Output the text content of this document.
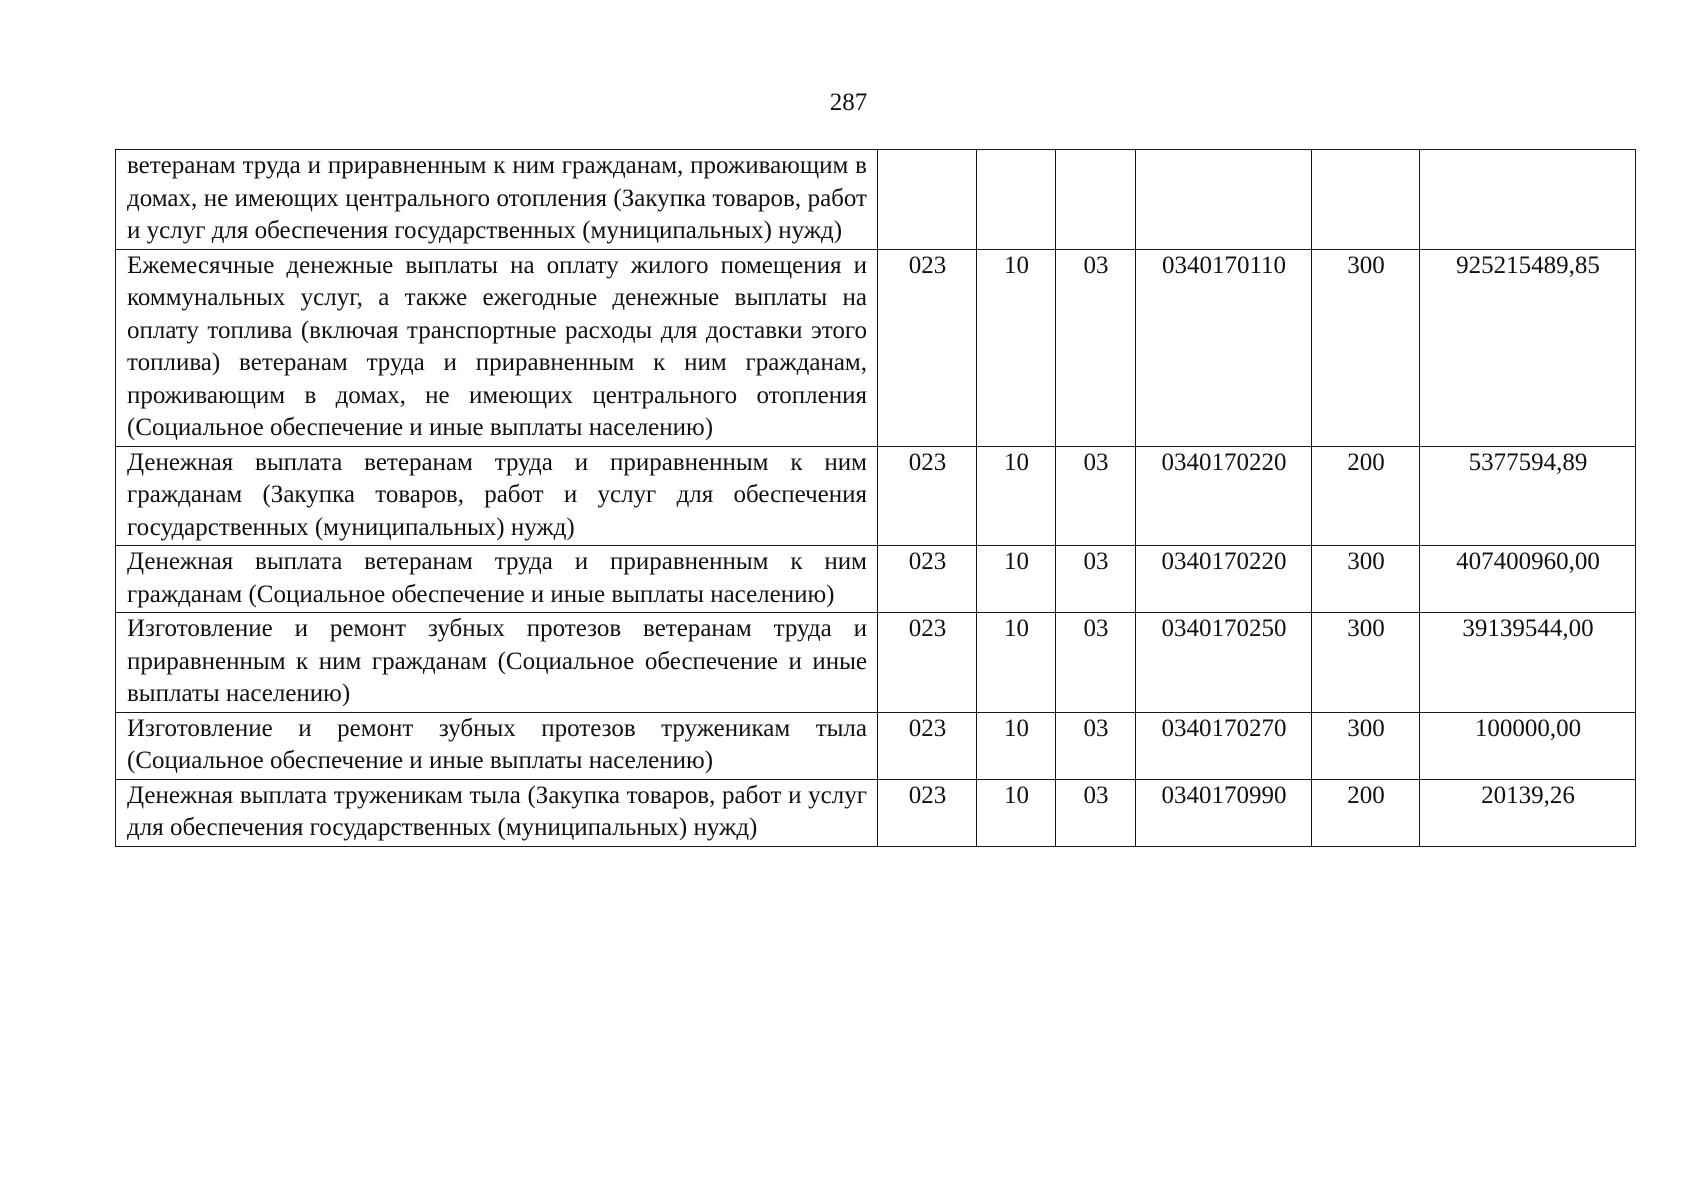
287
ветеранам труда и приравненным к ним гражданам, проживающим в домах, не имеющих центрального отопления (Закупка товаров, работ и услуг для обеспечения государственных (муниципальных) нужд)						
Ежемесячные денежные выплаты на оплату жилого помещения и коммунальных услуг, а также ежегодные денежные выплаты на оплату топлива (включая транспортные расходы для доставки этого топлива) ветеранам труда и приравненным к ним гражданам, проживающим в домах, не имеющих центрального отопления (Социальное обеспечение и иные выплаты населению)	023	10	03	0340170110	300	925215489,85
Денежная выплата ветеранам труда и приравненным к ним гражданам (Закупка товаров, работ и услуг для обеспечения государственных (муниципальных) нужд)	023	10	03	0340170220	200	5377594,89
Денежная выплата ветеранам труда и приравненным к ним гражданам (Социальное обеспечение и иные выплаты населению)	023	10	03	0340170220	300	407400960,00
Изготовление и ремонт зубных протезов ветеранам труда и приравненным к ним гражданам (Социальное обеспечение и иные выплаты населению)	023	10	03	0340170250	300	39139544,00
Изготовление и ремонт зубных протезов труженикам тыла (Социальное обеспечение и иные выплаты населению)	023	10	03	0340170270	300	100000,00
Денежная выплата труженикам тыла (Закупка товаров, работ и услуг для обеспечения государственных (муниципальных) нужд)	023	10	03	0340170990	200	20139,26
